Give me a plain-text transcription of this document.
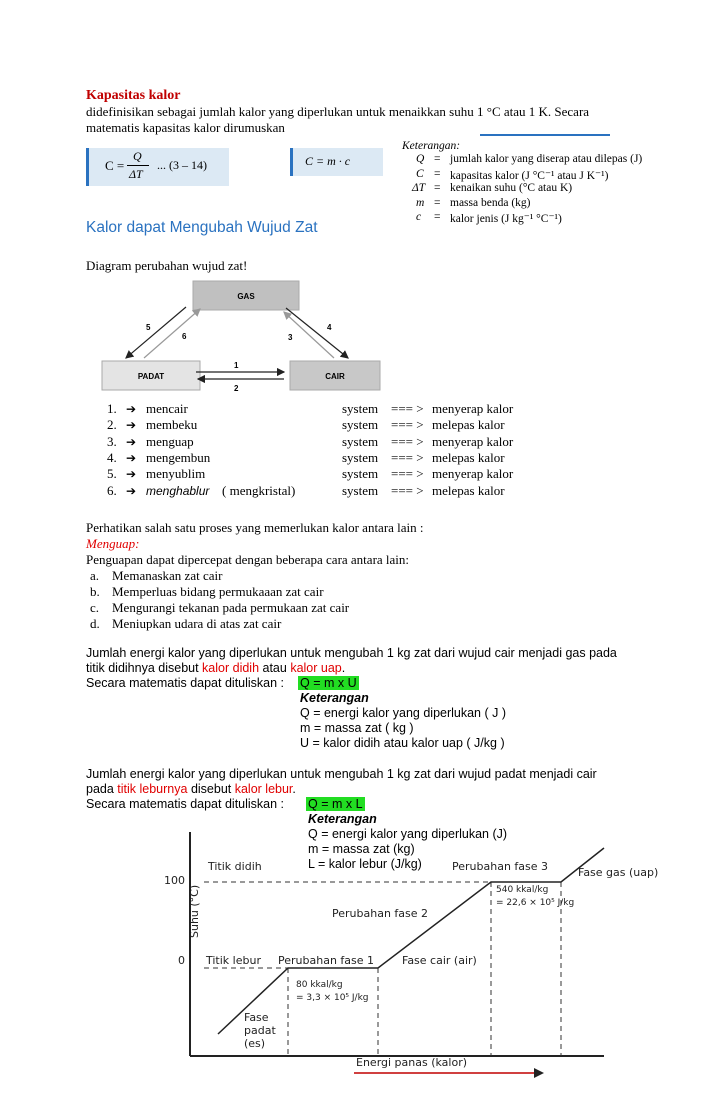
Kapasitas kalor
didefinisikan sebagai jumlah kalor yang diperlukan untuk menaikkan suhu 1 °C atau 1 K. Secara
matematis kapasitas kalor dirumuskan
C =
Q
ΔT
... (3 – 14)	C = m · c
Keterangan:
Q = jumlah kalor yang diserap atau dilepas (J)
C = kapasitas kalor (J °C⁻¹ atau J K⁻¹)
ΔT = kenaikan suhu (°C atau K)
m = massa benda (kg)
c = kalor jenis (J kg⁻¹ °C⁻¹)
Kalor dapat Mengubah Wujud Zat
Diagram perubahan wujud zat!
GAS
PADAT	CAIR
1
2
3
4
5
6
1. ➔ mencair	system === > menyerap kalor
2. ➔ membeku	system === > melepas kalor
3. ➔ menguap	system === > menyerap kalor
4. ➔ mengembun	system === > melepas kalor
5. ➔ menyublim	system === > menyerap kalor
6. ➔ menghablur ( mengkristal)	system === > melepas kalor
Perhatikan salah satu proses yang memerlukan kalor antara lain :
Menguap:
Penguapan dapat dipercepat dengan beberapa cara antara lain:
a. Memanaskan zat cair
b. Memperluas bidang permukaaan zat cair
c. Mengurangi tekanan pada permukaan zat cair
d. Meniupkan udara di atas zat cair
Jumlah energi kalor yang diperlukan untuk mengubah 1 kg zat dari wujud cair menjadi gas pada
titik didihnya disebut kalor didih atau kalor uap.
Secara matematis dapat dituliskan : Q = m x U
Keterangan
Q = energi kalor yang diperlukan ( J )
m = massa zat ( kg )
U = kalor didih atau kalor uap ( J/kg )
Jumlah energi kalor yang diperlukan untuk mengubah 1 kg zat dari wujud padat menjadi cair
pada titik leburnya disebut kalor lebur.
Secara matematis dapat dituliskan : Q = m x L
Keterangan
Q = energi kalor yang diperlukan (J)
m = massa zat (kg)
L = kalor lebur (J/kg)
Suhu (°C)
100
0
Titik didih
Titik lebur Perubahan fase 1
Perubahan fase 2
Perubahan fase 3	Fase gas (uap)
Fase cair (air)
Fase
padat
(es)
80 kkal/kg
= 3,3 × 10⁵ J/kg
540 kkal/kg
= 22,6 × 10⁵ J/kg
Energi panas (kalor)
